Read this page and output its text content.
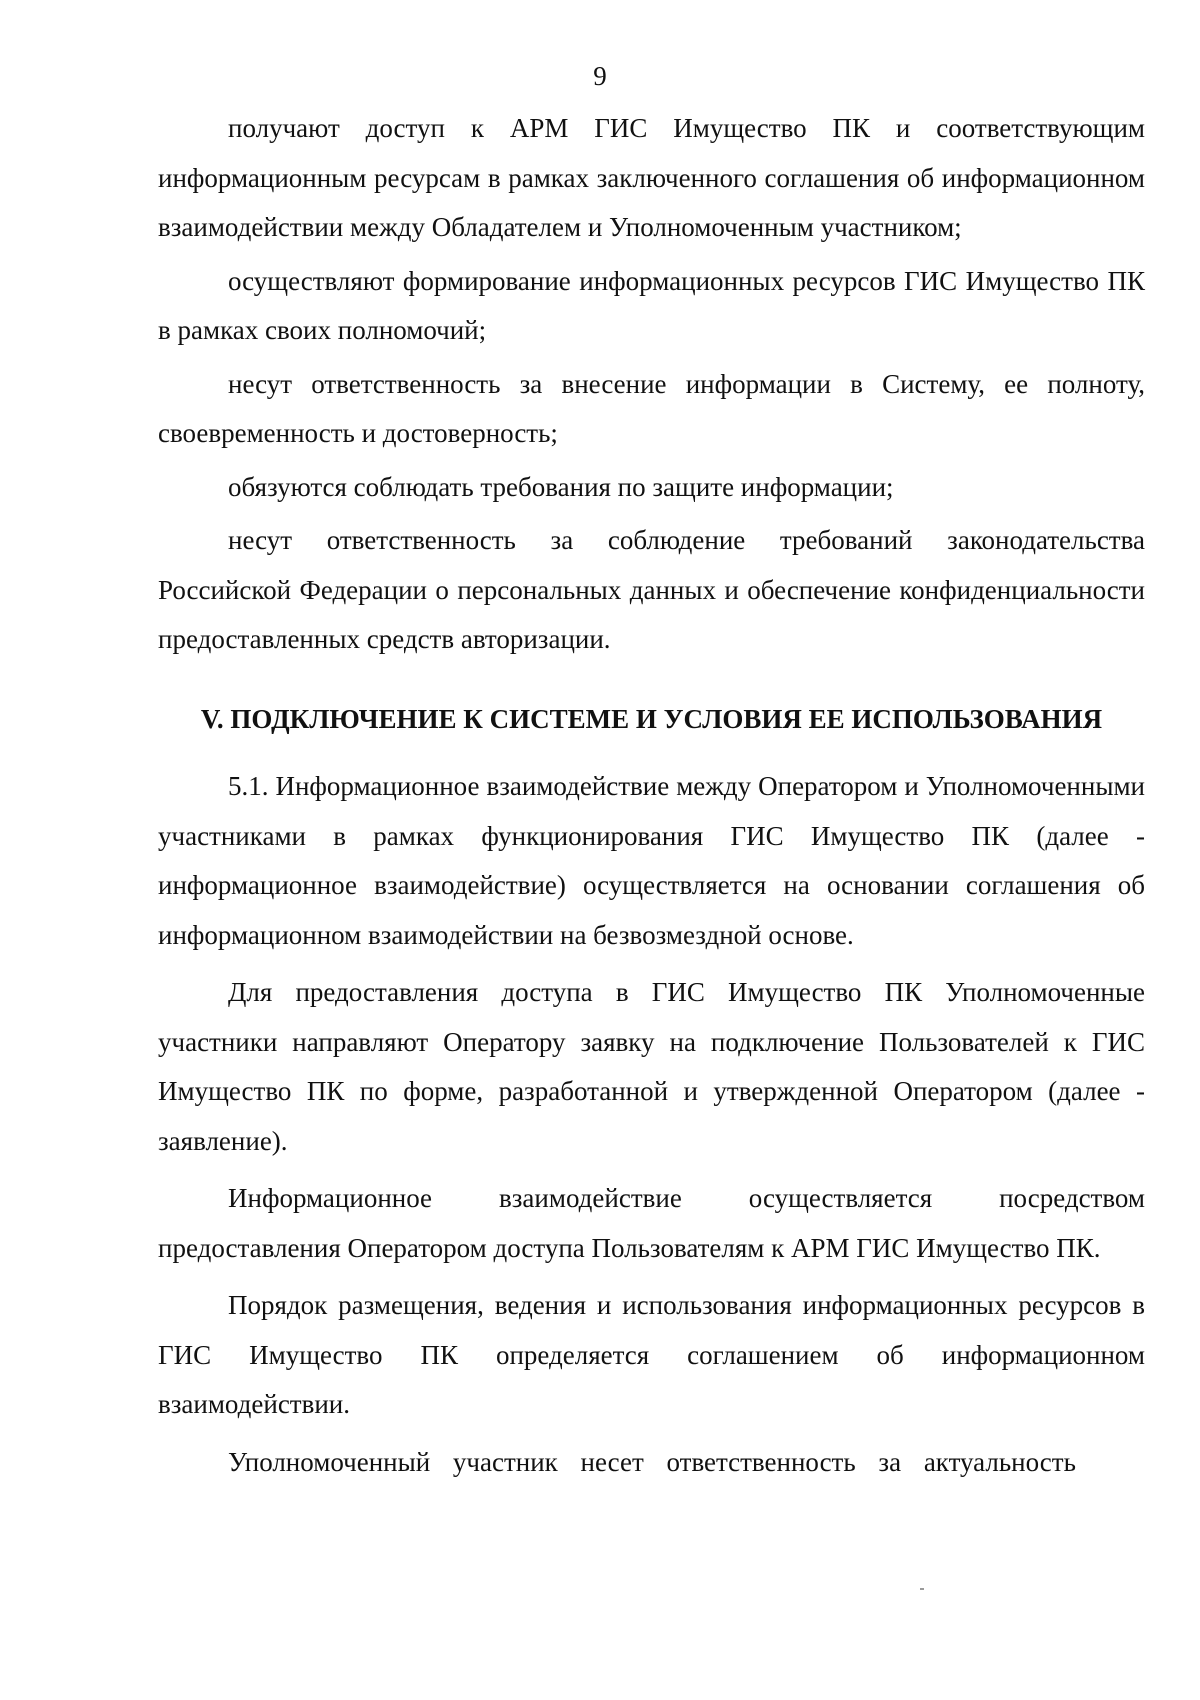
9

получают доступ к АРМ ГИС Имущество ПК и соответствующим информационным ресурсам в рамках заключенного соглашения об информационном взаимодействии между Обладателем и Уполномоченным участником;

осуществляют формирование информационных ресурсов ГИС Имущество ПК в рамках своих полномочий;

несут ответственность за внесение информации в Систему, ее полноту, своевременность и достоверность;

обязуются соблюдать требования по защите информации;

несут ответственность за соблюдение требований законодательства Российской Федерации о персональных данных и обеспечение конфиденциальности предоставленных средств авторизации.

V. ПОДКЛЮЧЕНИЕ К СИСТЕМЕ И УСЛОВИЯ ЕЕ ИСПОЛЬЗОВАНИЯ

5.1. Информационное взаимодействие между Оператором и Уполномоченными участниками в рамках функционирования ГИС Имущество ПК (далее - информационное взаимодействие) осуществляется на основании соглашения об информационном взаимодействии на безвозмездной основе.

Для предоставления доступа в ГИС Имущество ПК Уполномоченные участники направляют Оператору заявку на подключение Пользователей к ГИС Имущество ПК по форме, разработанной и утвержденной Оператором (далее - заявление).

Информационное взаимодействие осуществляется посредством предоставления Оператором доступа Пользователям к АРМ ГИС Имущество ПК.

Порядок размещения, ведения и использования информационных ресурсов в ГИС Имущество ПК определяется соглашением об информационном взаимодействии.

Уполномоченный участник несет ответственность за актуальность
